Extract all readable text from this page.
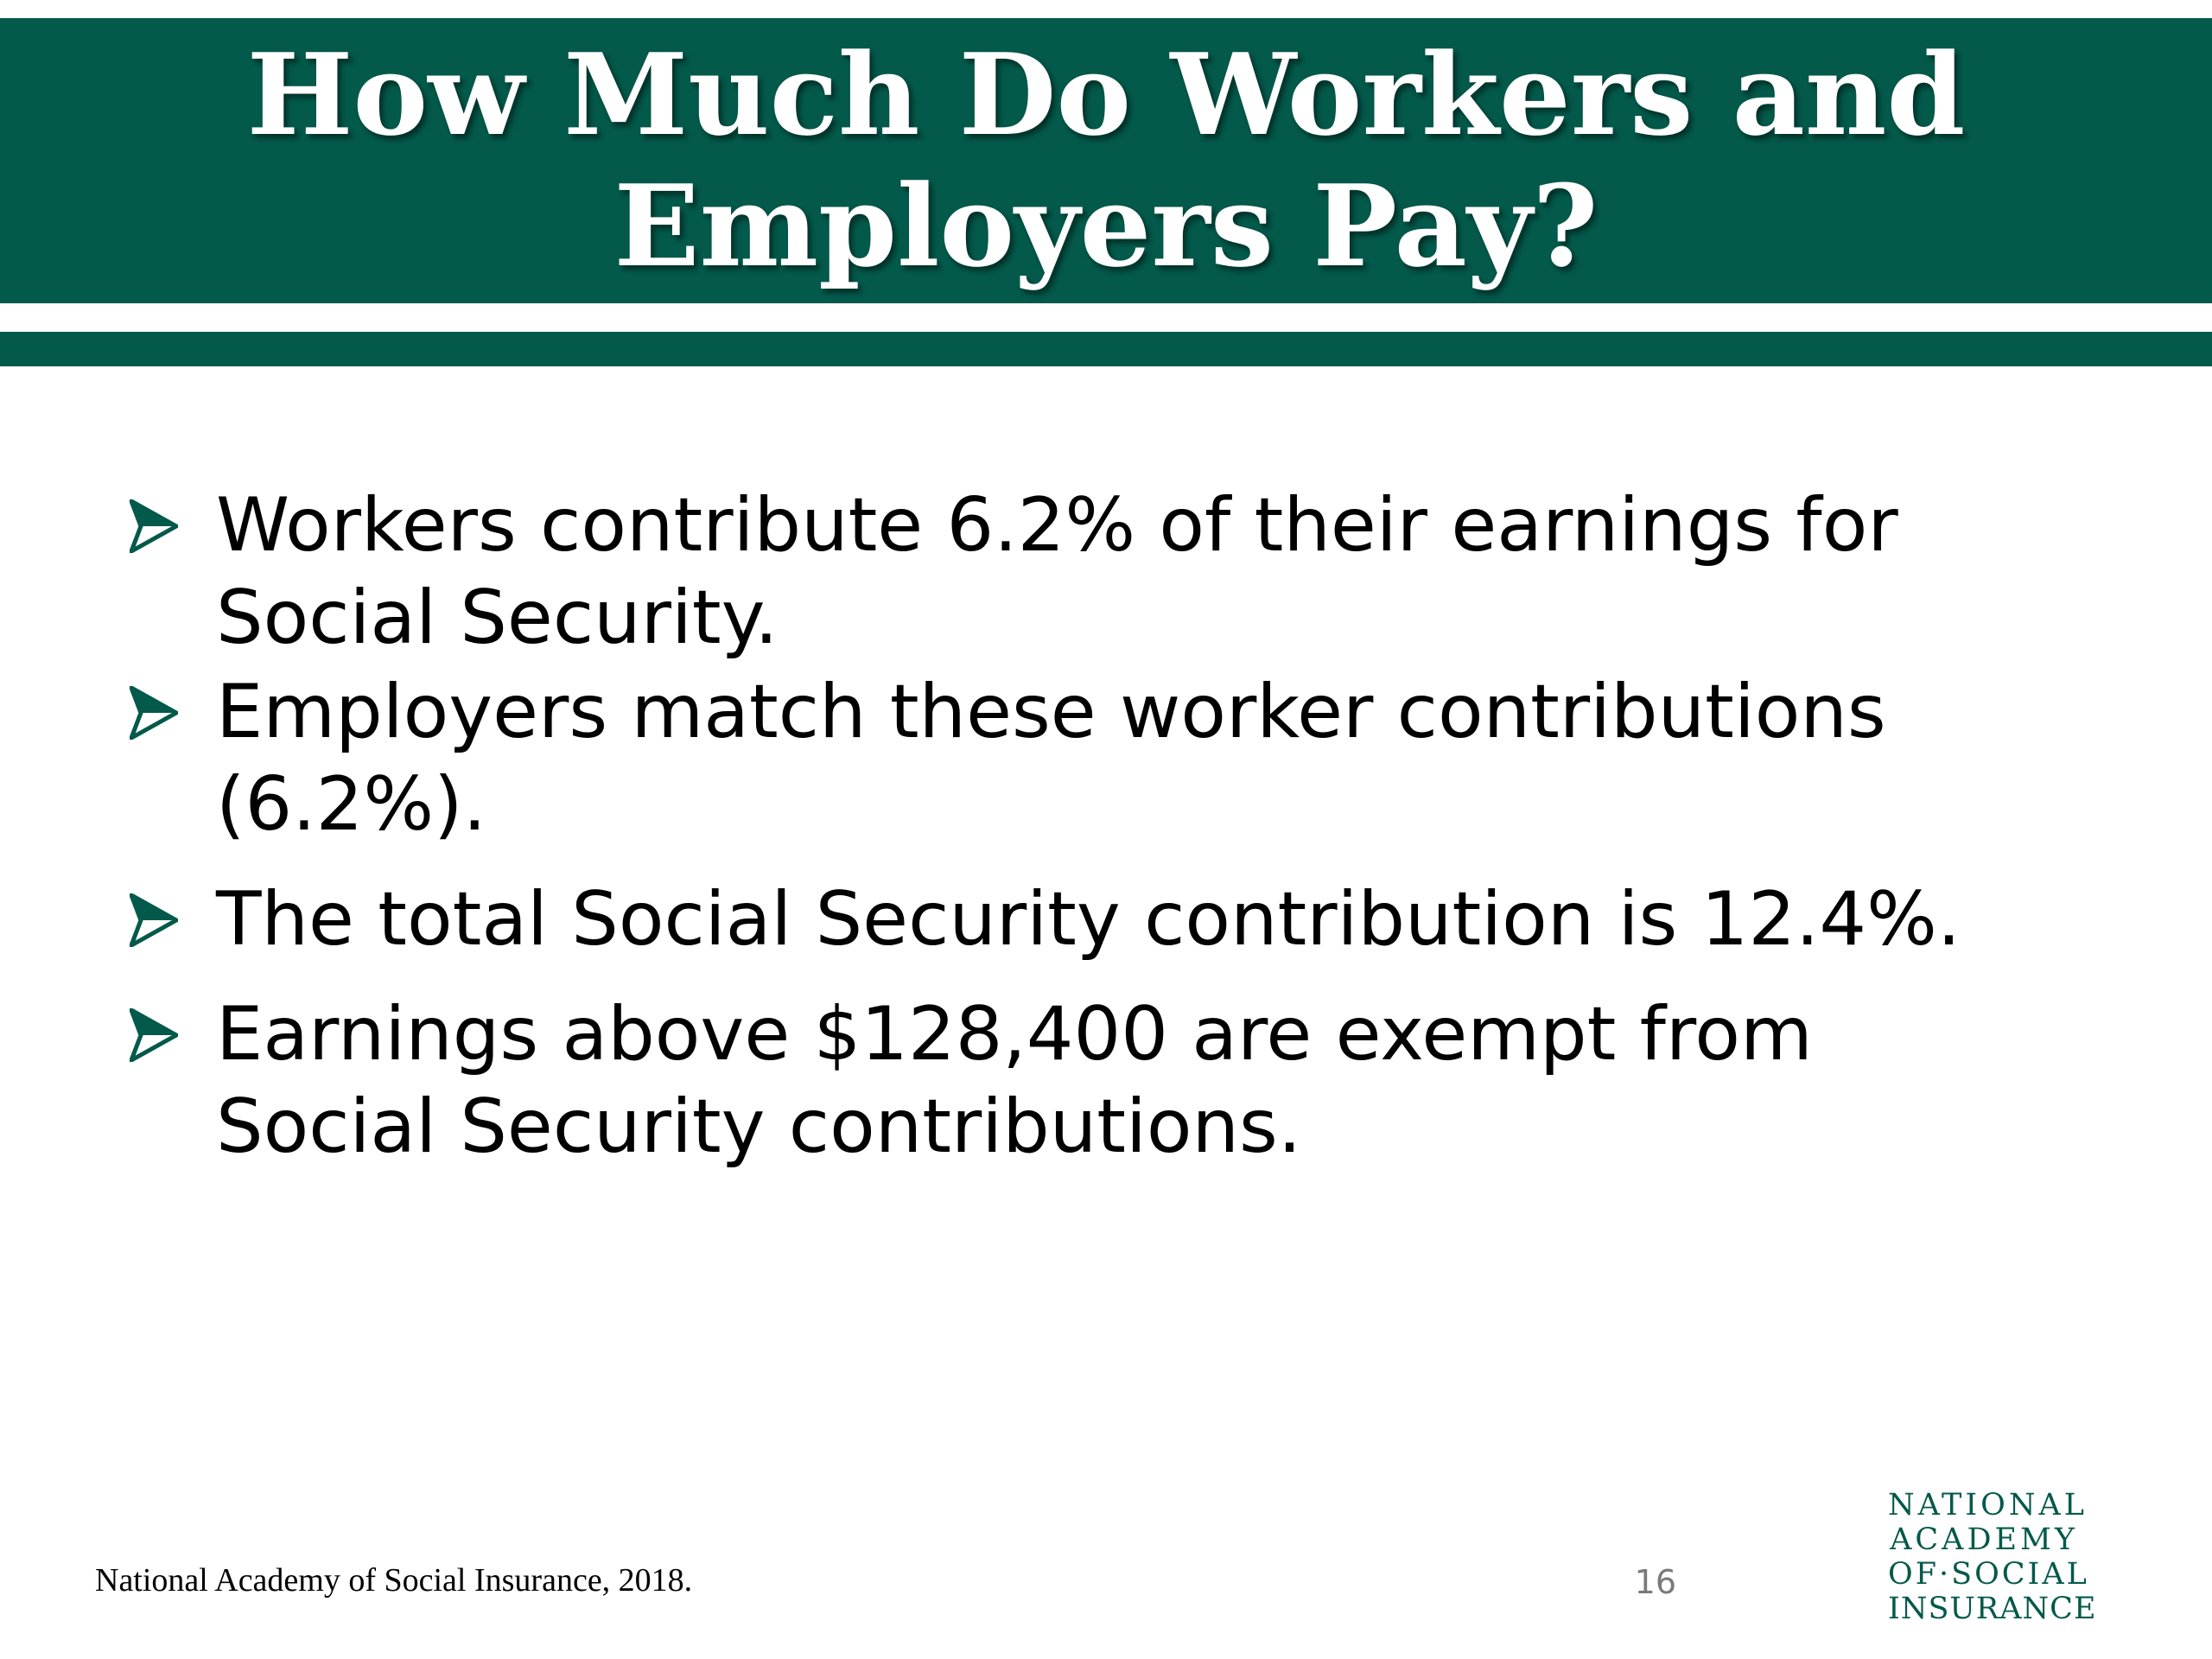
How Much Do Workers and
Employers Pay?
Workers contribute 6.2% of their earnings for Social Security.
Employers match these worker contributions (6.2%).
The total Social Security contribution is 12.4%.
Earnings above $128,400 are exempt from Social Security contributions.
National Academy of Social Insurance, 2018.	16
NATIONAL
ACADEMY
OF·SOCIAL
INSURANCE
